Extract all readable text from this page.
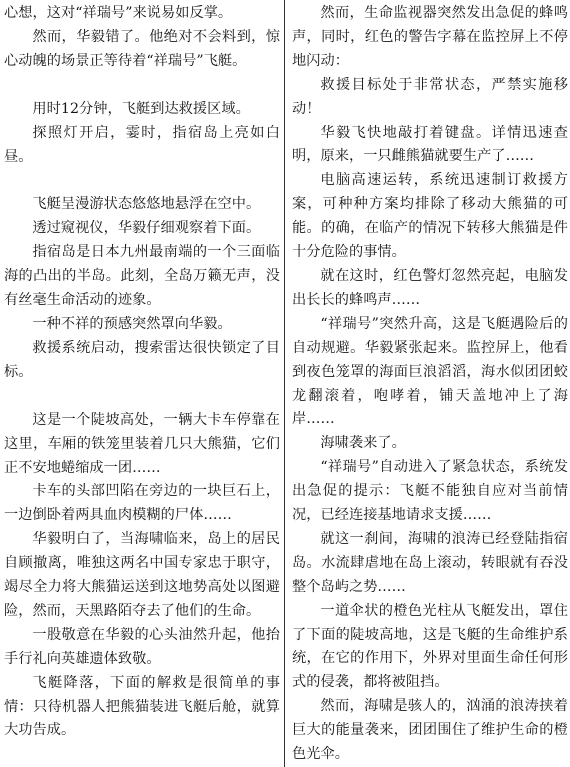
心想，这对“祥瑞号”来说易如反掌。

然而，华毅错了。他绝对不会料到，惊心动魄的场景正等待着“祥瑞号”飞艇。

用时12分钟，飞艇到达救援区域。

探照灯开启，霎时，指宿岛上亮如白昼。

飞艇呈漫游状态悠悠地悬浮在空中。

透过窥视仪，华毅仔细观察着下面。

指宿岛是日本九州最南端的一个三面临海的凸出的半岛。此刻，全岛万籁无声，没有丝毫生命活动的迹象。

一种不祥的预感突然罩向华毅。

救援系统启动，搜索雷达很快锁定了目标。

这是一个陡坡高处，一辆大卡车停靠在这里，车厢的铁笼里装着几只大熊猫，它们正不安地蜷缩成一团……

卡车的头部凹陷在旁边的一块巨石上，一边倒卧着两具血肉模糊的尸体……

华毅明白了，当海啸临来，岛上的居民自顾撤离，唯独这两名中国专家忠于职守，竭尽全力将大熊猫运送到这地势高处以图避险，然而，天黑路陌夺去了他们的生命。

一股敬意在华毅的心头油然升起，他抬手行礼向英雄遗体致敬。

飞艇降落，下面的解救是很简单的事情：只待机器人把熊猫装进飞艇后舱，就算大功告成。

然而，生命监视器突然发出急促的蜂鸣声，同时，红色的警告字幕在监控屏上不停地闪动：

救援目标处于非常状态，严禁实施移动！

华毅飞快地敲打着键盘。详情迅速查明，原来，一只雌熊猫就要生产了……

电脑高速运转，系统迅速制订救援方案，可种种方案均排除了移动大熊猫的可能。的确，在临产的情况下转移大熊猫是件十分危险的事情。

就在这时，红色警灯忽然亮起，电脑发出长长的蜂鸣声……

“祥瑞号”突然升高，这是飞艇遇险后的自动规避。华毅紧张起来。监控屏上，他看到夜色笼罩的海面巨浪滔滔，海水似团团蛟龙翻滚着，咆哮着，铺天盖地冲上了海岸……

海啸袭来了。

“祥瑞号”自动进入了紧急状态，系统发出急促的提示：飞艇不能独自应对当前情况，已经连接基地请求支援……

就这一刹间，海啸的浪涛已经登陆指宿岛。水流肆虐地在岛上滚动，转眼就有吞没整个岛屿之势……

一道伞状的橙色光柱从飞艇发出，罩住了下面的陡坡高地，这是飞艇的生命维护系统，在它的作用下，外界对里面生命任何形式的侵袭，都将被阻挡。

然而，海啸是骇人的，汹涌的浪涛挟着巨大的能量袭来，团团围住了维护生命的橙色光伞。
